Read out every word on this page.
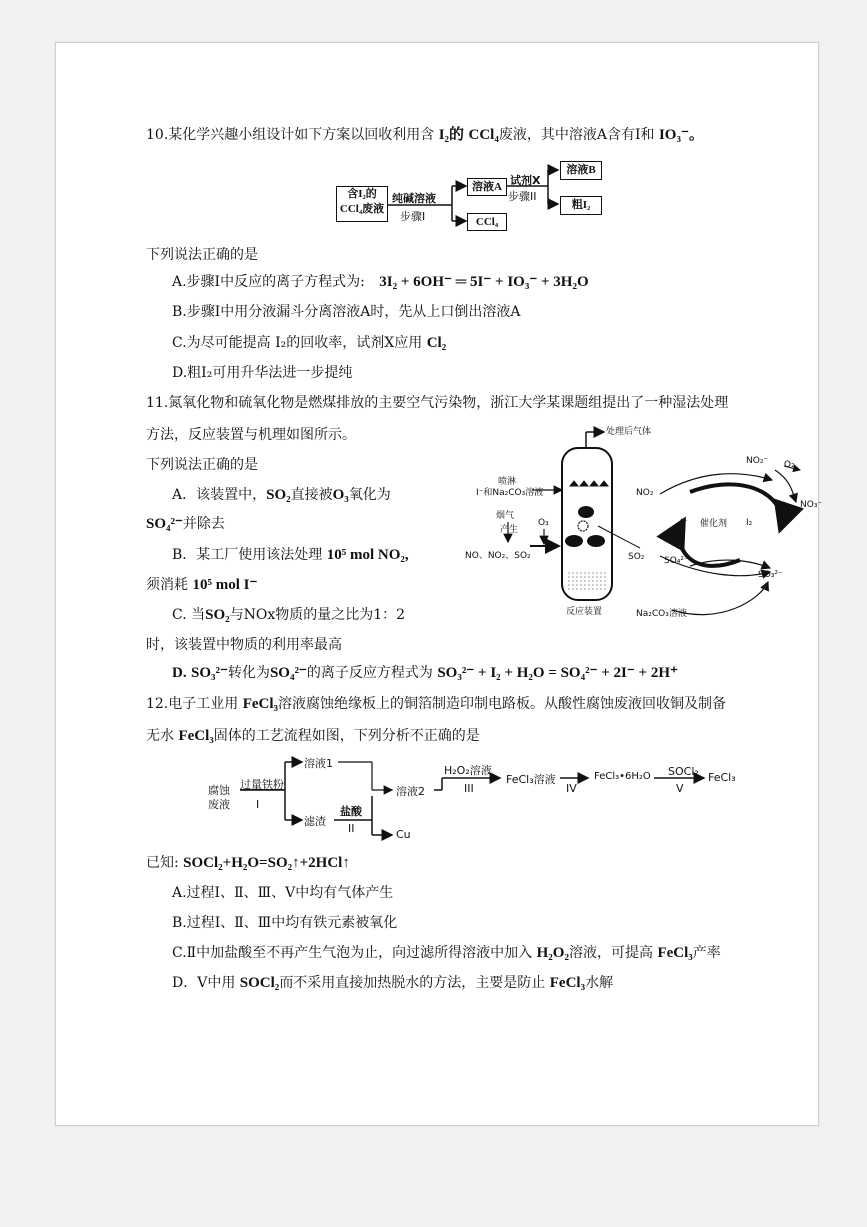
10.某化学兴趣小组设计如下方案以回收利用含 I₂的 CCl₄废液，其中溶液A含有I和 IO₃⁻。
含I₂的
CCl₄废液
纯碱溶液
步骤I
溶液A
CCl₄
试剂X
步骤II
溶液B
粗I₂
下列说法正确的是
A.步骤Ⅰ中反应的离子方程式为: 3I₂ + 6OH⁻ ═ 5I⁻ + IO₃⁻ + 3H₂O
B.步骤Ⅰ中用分液漏斗分离溶液A时，先从上口倒出溶液A
C.为尽可能提高 I₂的回收率，试剂X应用 Cl₂
D.粗I₂可用升华法进一步提纯
11.氮氧化物和硫氧化物是燃煤排放的主要空气污染物，浙江大学某课题组提出了一种湿法处理
方法，反应装置与机理如图所示。
下列说法正确的是
A．该装置中，SO₂直接被O₃氧化为
SO₄²⁻并除去
B．某工厂使用该法处理 10⁵ mol NO₂,
须消耗 10⁵ mol I⁻
C. 当SO₂与NOx物质的量之比为1：2
时，该装置中物质的利用率最高
D. SO₃²⁻转化为SO₄²⁻的离子反应方程式为 SO₃²⁻ + I₂ + H₂O = SO₄²⁻ + 2I⁻ + 2H⁺
处理后气体
喷淋
I⁻和Na₂CO₃溶液
烟气
产生
O₃
NO、NO₂、SO₂
反应装置
NO₂⁻ O₂
NO₃⁻
NO₂
催化剂
I⁻	I₂
SO₂ SO₄²⁻
SO₃²⁻
Na₂CO₃溶液
12.电子工业用 FeCl₃溶液腐蚀绝缘板上的铜箔制造印制电路板。从酸性腐蚀废液回收铜及制备
无水 FeCl₃固体的工艺流程如图，下列分析不正确的是
腐蚀
废液
过量铁粉
I
溶液1
滤渣
盐酸
II
溶液2
Cu
H₂O₂溶液
III
FeCl₃溶液
IV
FeCl₃•6H₂O SOCl₂
V
FeCl₃
已知: SOCl₂+H₂O=SO₂↑+2HCl↑
A.过程Ⅰ、Ⅱ、Ⅲ、Ⅴ中均有气体产生
B.过程Ⅰ、Ⅱ、Ⅲ中均有铁元素被氧化
C.Ⅱ中加盐酸至不再产生气泡为止，向过滤所得溶液中加入 H₂O₂溶液，可提高 FeCl₃产率
D．Ⅴ中用 SOCl₂而不采用直接加热脱水的方法，主要是防止 FeCl₃水解
